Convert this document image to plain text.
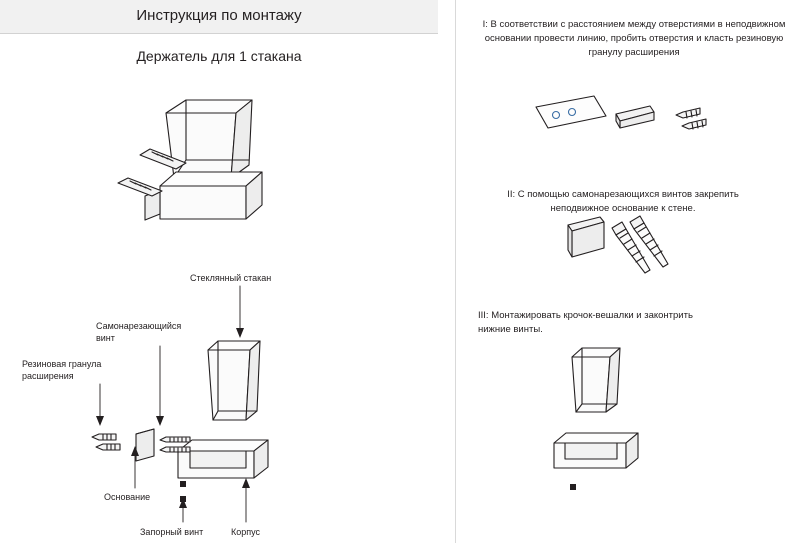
Инструкция по монтажу
Держатель для 1 стакана
I: В соответствии с расстоянием между отверстиями в неподвижном основании провести линию, пробить отверстия и класть резиновую гранулу расширения
II: С помощью самонарезающихся винтов закрепить неподвижное основание к стене.
III: Монтажировать крочок-вешалки и законтрить нижние винты.
Стеклянный стакан
Самонарезающийся винт
Резиновая гранула расширения
Основание
Запорный винт	Корпус
